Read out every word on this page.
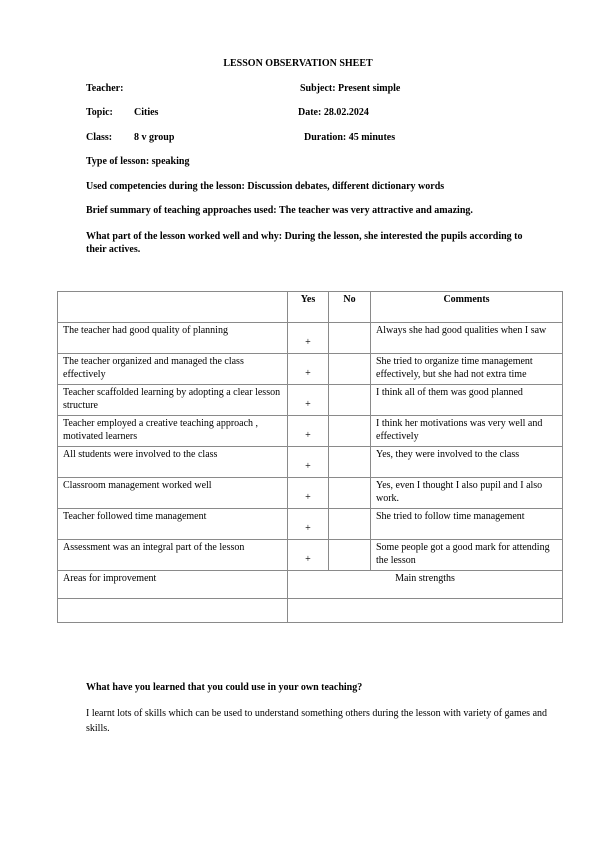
LESSON OBSERVATION SHEET
Teacher:	Subject: Present simple
Topic: Cities	Date: 28.02.2024
Class: 8 v group	Duration: 45 minutes
Type of lesson: speaking
Used competencies during the lesson: Discussion debates, different dictionary words
Brief summary of teaching approaches used: The teacher was very attractive and amazing.
What part of the lesson worked well and why: During the lesson, she interested the pupils according to their actives.
	Yes	No	Comments
The teacher had good quality of planning	+		Always she had good qualities when I saw
The teacher organized and managed the class effectively	+		She tried to organize time management effectively, but she had not extra time
Teacher scaffolded learning by adopting a clear lesson structure	+		I think all of them was good planned
Teacher employed a creative teaching approach , motivated learners	+		I think her motivations was very well and effectively
All students were involved to the class	+		Yes, they were involved to the class
Classroom management worked well	+		Yes, even I thought I also pupil and I also work.
Teacher followed time management	+		She tried to follow time management
Assessment was an integral part of the lesson	+		Some people got a good mark for attending the lesson
Areas for improvement	Main strengths		

What have you learned that you could use in your own teaching?
I learnt lots of skills which can be used to understand something others during the lesson with variety of games and skills.
